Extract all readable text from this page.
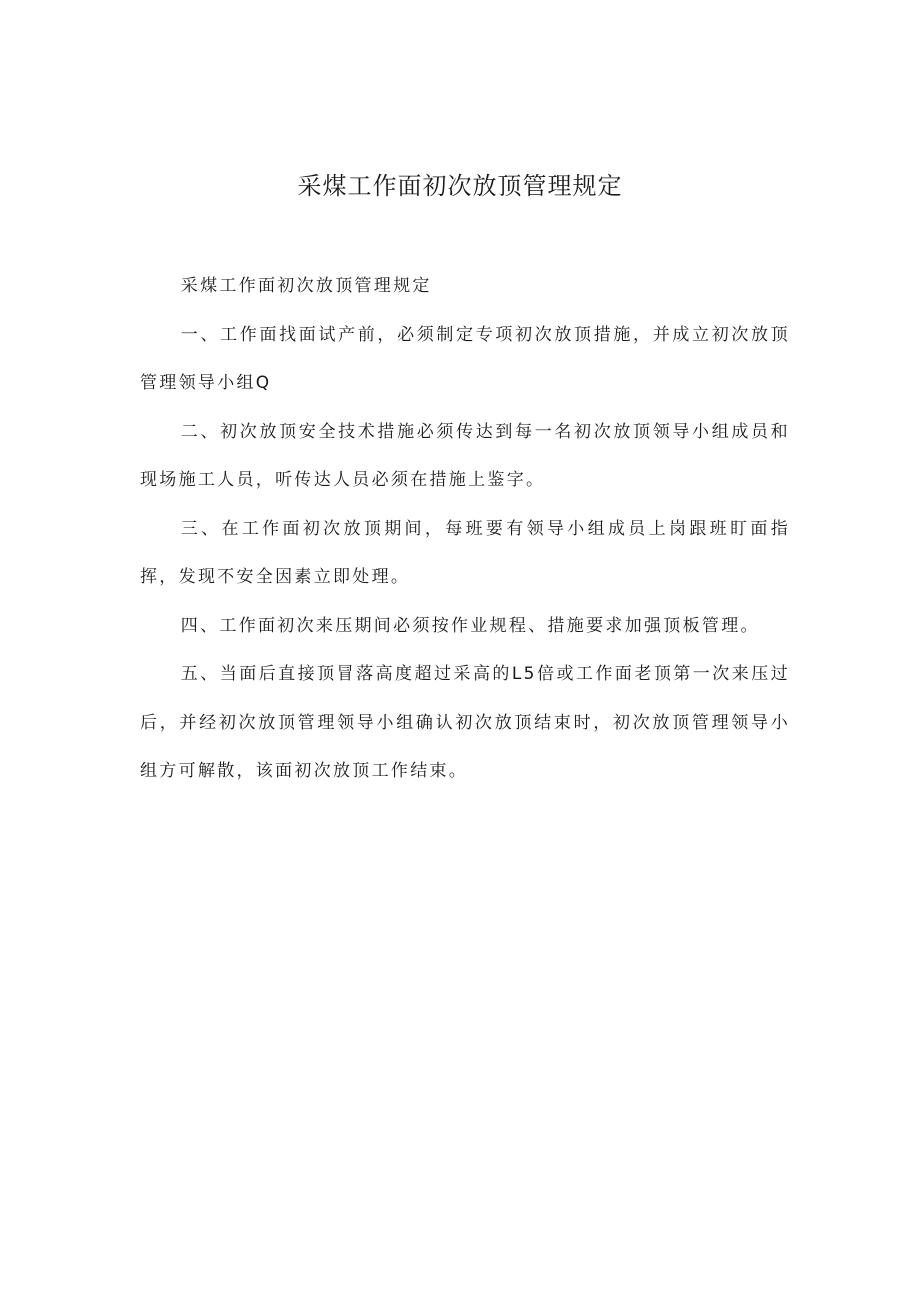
采煤工作面初次放顶管理规定

采煤工作面初次放顶管理规定

一、工作面找面试产前，必须制定专项初次放顶措施，并成立初次放顶管理领导小组Q

二、初次放顶安全技术措施必须传达到每一名初次放顶领导小组成员和现场施工人员，听传达人员必须在措施上鉴字。

三、在工作面初次放顶期间，每班要有领导小组成员上岗跟班盯面指挥，发现不安全因素立即处理。

四、工作面初次来压期间必须按作业规程、措施要求加强顶板管理。

五、当面后直接顶冒落高度超过采高的L5倍或工作面老顶第一次来压过后，并经初次放顶管理领导小组确认初次放顶结束时，初次放顶管理领导小组方可解散，该面初次放顶工作结束。
